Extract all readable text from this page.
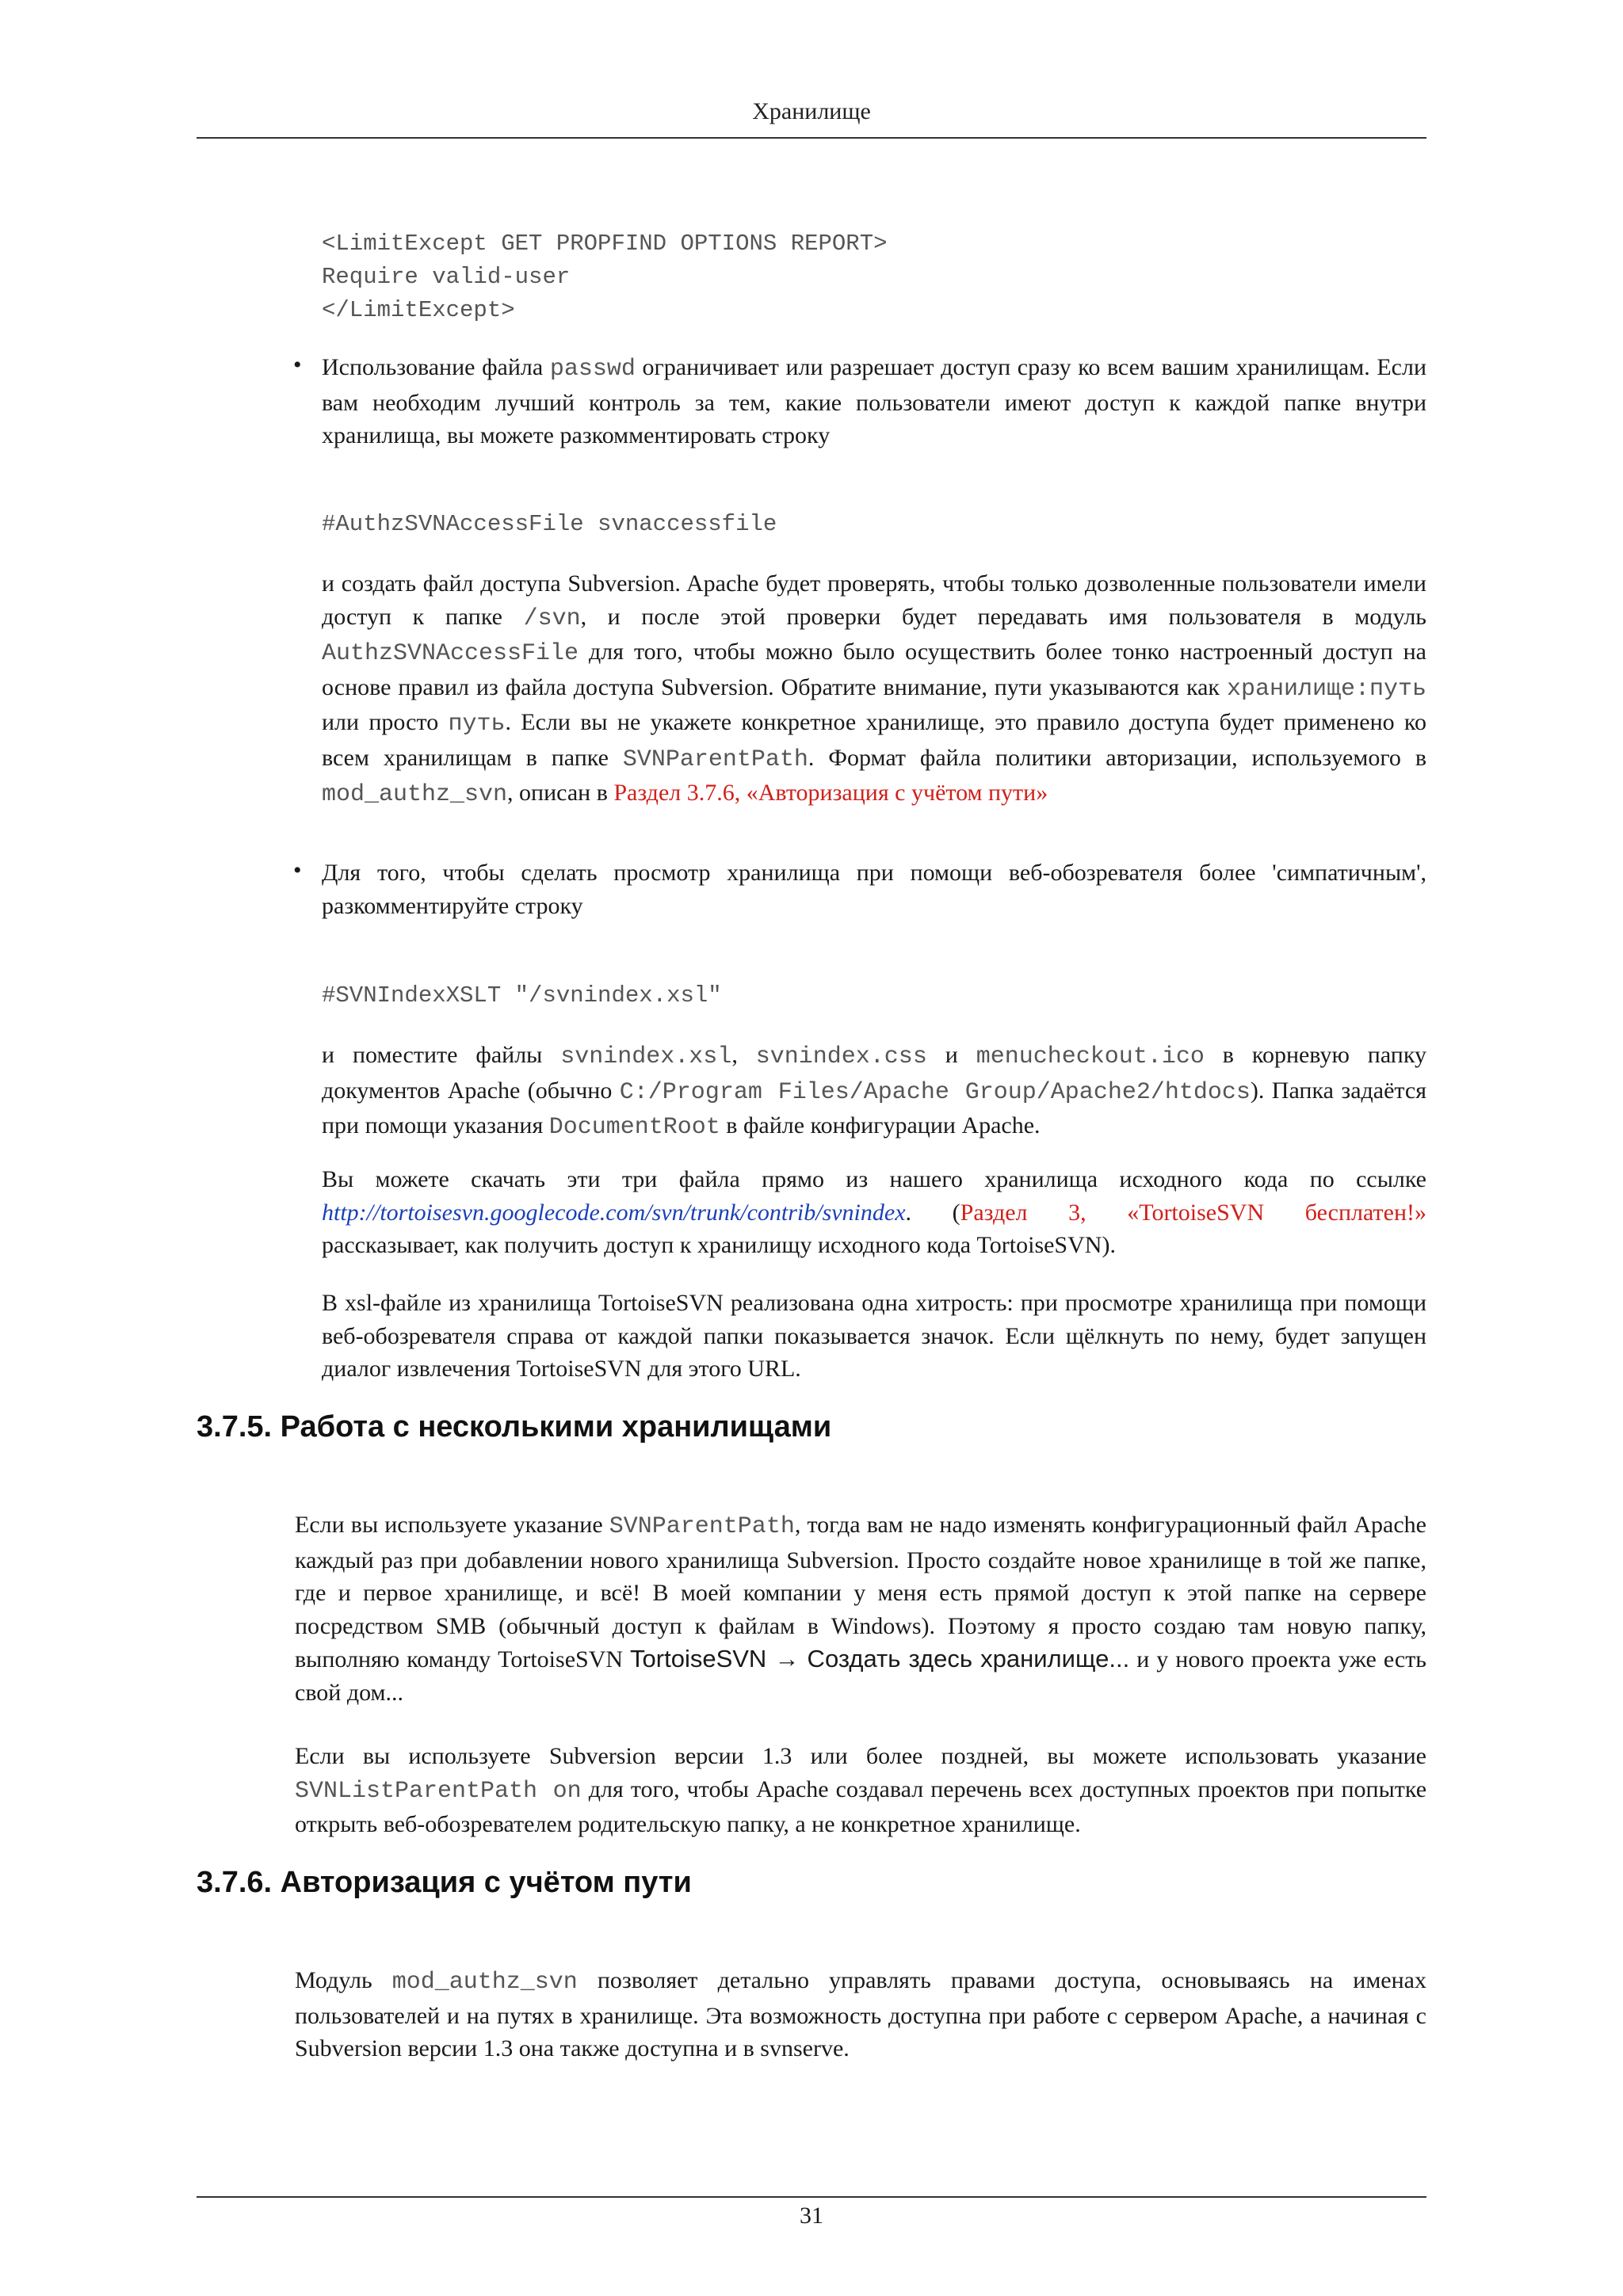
Хранилище
<LimitExcept GET PROPFIND OPTIONS REPORT>
Require valid-user
</LimitExcept>
• Использование файла passwd ограничивает или разрешает доступ сразу ко всем вашим хранилищам. Если вам необходим лучший контроль за тем, какие пользователи имеют доступ к каждой папке внутри хранилища, вы можете разкомментировать строку
#AuthzSVNAccessFile svnaccessfile
и создать файл доступа Subversion. Apache будет проверять, чтобы только дозволенные пользователи имели доступ к папке /svn, и после этой проверки будет передавать имя пользователя в модуль AuthzSVNAccessFile для того, чтобы можно было осуществить более тонко настроенный доступ на основе правил из файла доступа Subversion. Обратите внимание, пути указываются как хранилище:путь или просто путь. Если вы не укажете конкретное хранилище, это правило доступа будет применено ко всем хранилищам в папке SVNParentPath. Формат файла политики авторизации, используемого в mod_authz_svn, описан в Раздел 3.7.6, «Авторизация с учётом пути»
• Для того, чтобы сделать просмотр хранилища при помощи веб-обозревателя более 'симпатичным', разкомментируйте строку
#SVNIndexXSLT "/svnindex.xsl"
и поместите файлы svnindex.xsl, svnindex.css и menucheckout.ico в корневую папку документов Apache (обычно C:/Program Files/Apache Group/Apache2/htdocs). Папка задаётся при помощи указания DocumentRoot в файле конфигурации Apache.
Вы можете скачать эти три файла прямо из нашего хранилища исходного кода по ссылке http://tortoisesvn.googlecode.com/svn/trunk/contrib/svnindex. (Раздел 3, «TortoiseSVN бесплатен!» рассказывает, как получить доступ к хранилищу исходного кода TortoiseSVN).
В xsl-файле из хранилища TortoiseSVN реализована одна хитрость: при просмотре хранилища при помощи веб-обозревателя справа от каждой папки показывается значок. Если щёлкнуть по нему, будет запущен диалог извлечения TortoiseSVN для этого URL.
3.7.5. Работа с несколькими хранилищами
Если вы используете указание SVNParentPath, тогда вам не надо изменять конфигурационный файл Apache каждый раз при добавлении нового хранилища Subversion. Просто создайте новое хранилище в той же папке, где и первое хранилище, и всё! В моей компании у меня есть прямой доступ к этой папке на сервере посредством SMB (обычный доступ к файлам в Windows). Поэтому я просто создаю там новую папку, выполняю команду TortoiseSVN TortoiseSVN → Создать здесь хранилище... и у нового проекта уже есть свой дом...
Если вы используете Subversion версии 1.3 или более поздней, вы можете использовать указание SVNListParentPath on для того, чтобы Apache создавал перечень всех доступных проектов при попытке открыть веб-обозревателем родительскую папку, а не конкретное хранилище.
3.7.6. Авторизация с учётом пути
Модуль mod_authz_svn позволяет детально управлять правами доступа, основываясь на именах пользователей и на путях в хранилище. Эта возможность доступна при работе с сервером Apache, а начиная с Subversion версии 1.3 она также доступна и в svnserve.
31
